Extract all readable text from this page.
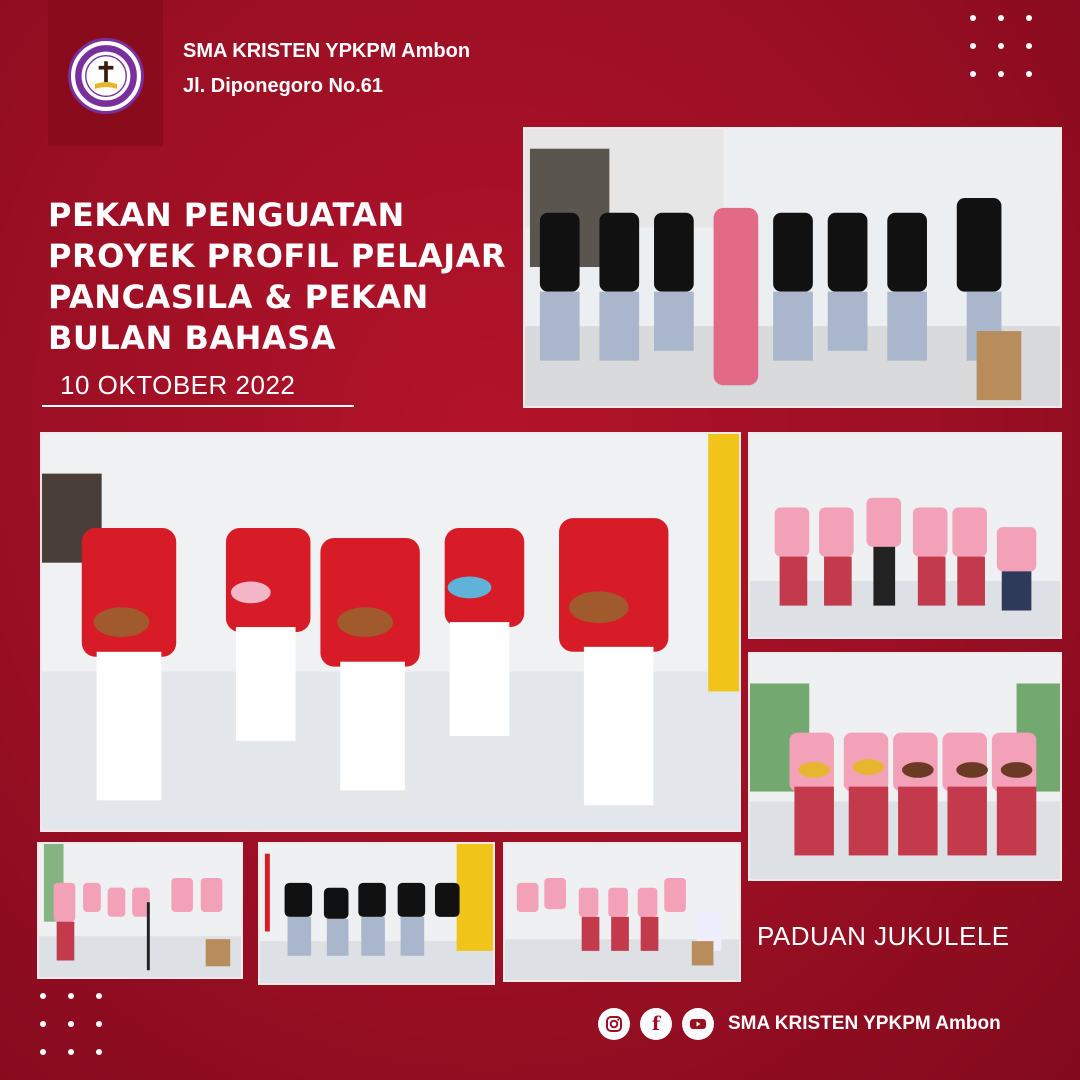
SMA KRISTEN YPKPM Ambon
Jl. Diponegoro No.61
PEKAN PENGUATAN PROYEK PROFIL PELAJAR PANCASILA & PEKAN BULAN BAHASA
10 OKTOBER 2022
PADUAN JUKULELE
f	SMA KRISTEN YPKPM Ambon
